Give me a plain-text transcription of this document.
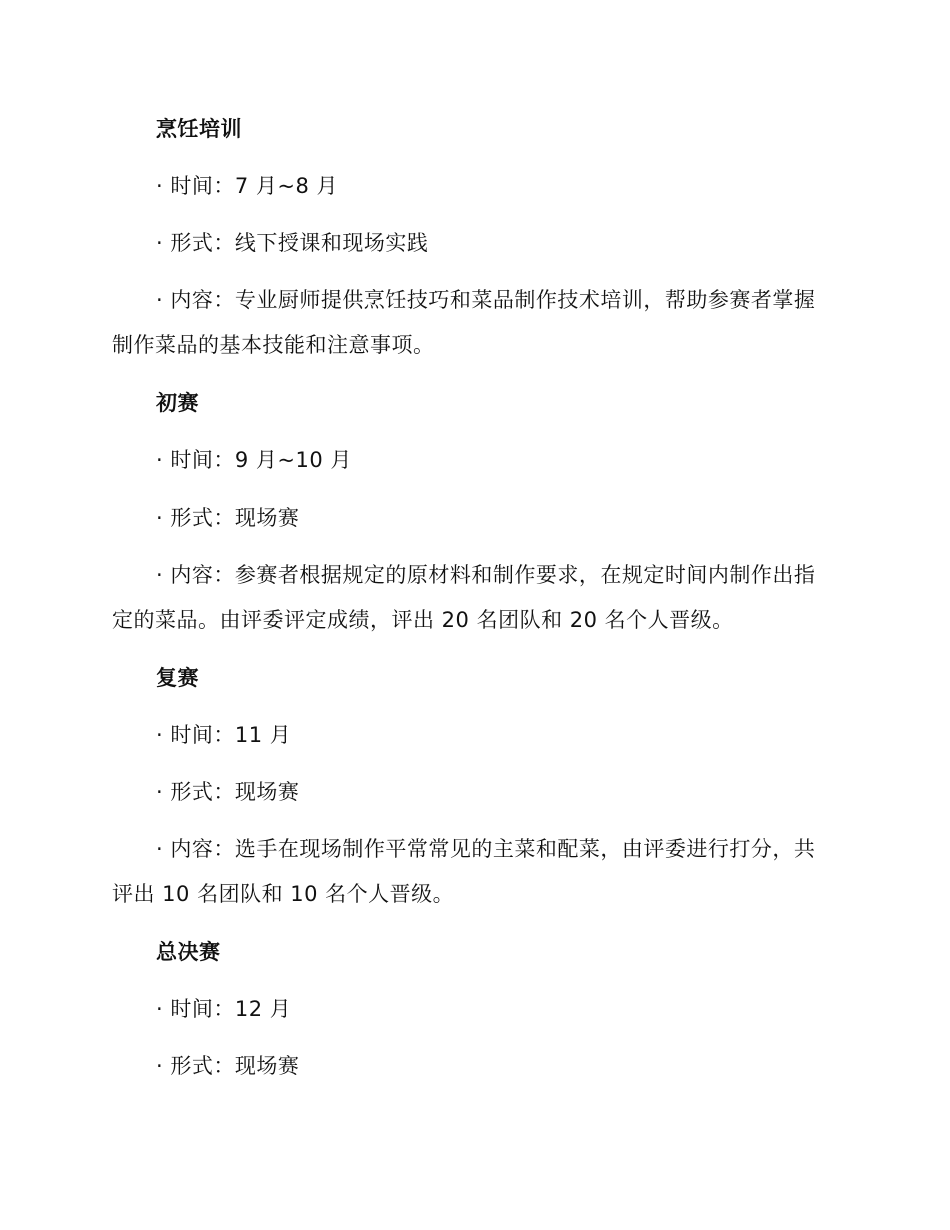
烹饪培训
· 时间：7 月~8 月
· 形式：线下授课和现场实践
· 内容：专业厨师提供烹饪技巧和菜品制作技术培训，帮助参赛者掌握
制作菜品的基本技能和注意事项。
初赛
· 时间：9 月~10 月
· 形式：现场赛
· 内容：参赛者根据规定的原材料和制作要求，在规定时间内制作出指
定的菜品。由评委评定成绩，评出 20 名团队和 20 名个人晋级。
复赛
· 时间：11 月
· 形式：现场赛
· 内容：选手在现场制作平常常见的主菜和配菜，由评委进行打分，共
评出 10 名团队和 10 名个人晋级。
总决赛
· 时间：12 月
· 形式：现场赛
